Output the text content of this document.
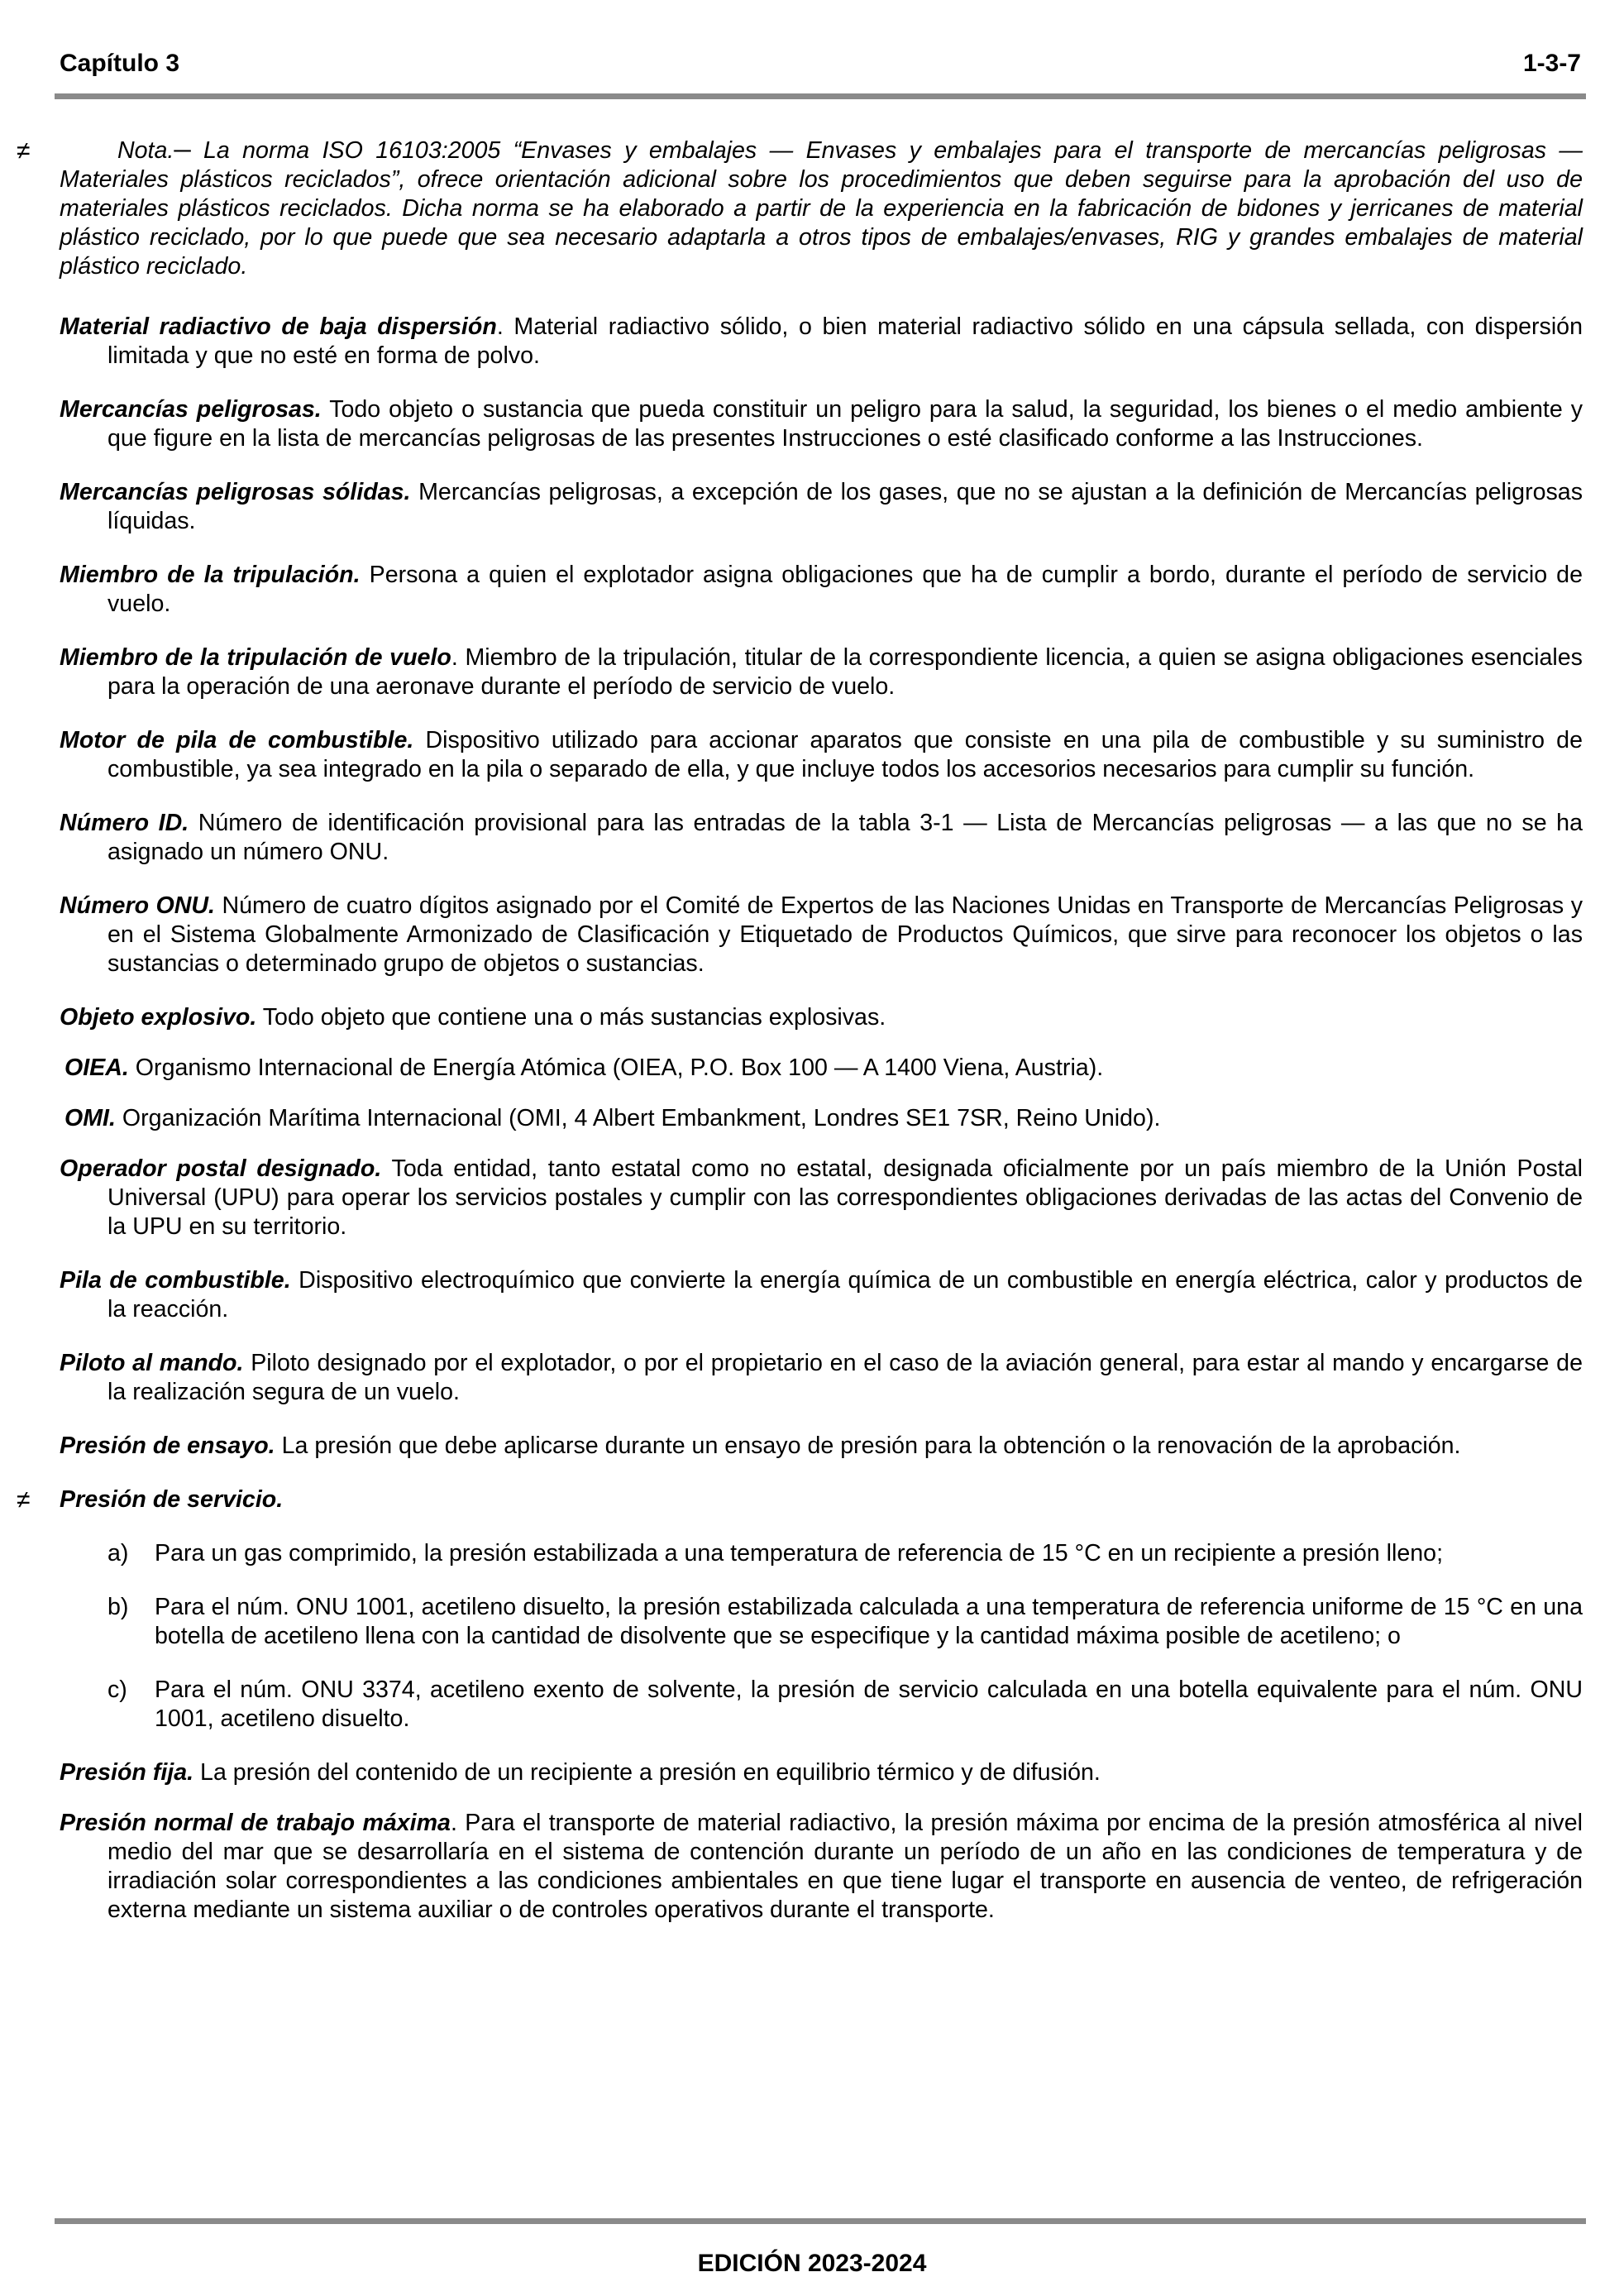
Capítulo 3	1-3-7

≠	Nota.─ La norma ISO 16103:2005 “Envases y embalajes — Envases y embalajes para el transporte de mercancías peligrosas — Materiales plásticos reciclados”, ofrece orientación adicional sobre los procedimientos que deben seguirse para la aprobación del uso de materiales plásticos reciclados. Dicha norma se ha elaborado a partir de la experiencia en la fabricación de bidones y jerricanes de material plástico reciclado, por lo que puede que sea necesario adaptarla a otros tipos de embalajes/envases, RIG y grandes embalajes de material plástico reciclado.

Material radiactivo de baja dispersión. Material radiactivo sólido, o bien material radiactivo sólido en una cápsula sellada, con dispersión limitada y que no esté en forma de polvo.

Mercancías peligrosas. Todo objeto o sustancia que pueda constituir un peligro para la salud, la seguridad, los bienes o el medio ambiente y que figure en la lista de mercancías peligrosas de las presentes Instrucciones o esté clasificado conforme a las Instrucciones.

Mercancías peligrosas sólidas. Mercancías peligrosas, a excepción de los gases, que no se ajustan a la definición de Mercancías peligrosas líquidas.

Miembro de la tripulación. Persona a quien el explotador asigna obligaciones que ha de cumplir a bordo, durante el período de servicio de vuelo.

Miembro de la tripulación de vuelo. Miembro de la tripulación, titular de la correspondiente licencia, a quien se asigna obligaciones esenciales para la operación de una aeronave durante el período de servicio de vuelo.

Motor de pila de combustible. Dispositivo utilizado para accionar aparatos que consiste en una pila de combustible y su suministro de combustible, ya sea integrado en la pila o separado de ella, y que incluye todos los accesorios necesarios para cumplir su función.

Número ID. Número de identificación provisional para las entradas de la tabla 3-1 — Lista de Mercancías peligrosas — a las que no se ha asignado un número ONU.

Número ONU. Número de cuatro dígitos asignado por el Comité de Expertos de las Naciones Unidas en Transporte de Mercancías Peligrosas y en el Sistema Globalmente Armonizado de Clasificación y Etiquetado de Productos Químicos, que sirve para reconocer los objetos o las sustancias o determinado grupo de objetos o sustancias.

Objeto explosivo. Todo objeto que contiene una o más sustancias explosivas.

OIEA. Organismo Internacional de Energía Atómica (OIEA, P.O. Box 100 — A 1400 Viena, Austria).

OMI. Organización Marítima Internacional (OMI, 4 Albert Embankment, Londres SE1 7SR, Reino Unido).

Operador postal designado. Toda entidad, tanto estatal como no estatal, designada oficialmente por un país miembro de la Unión Postal Universal (UPU) para operar los servicios postales y cumplir con las correspondientes obligaciones derivadas de las actas del Convenio de la UPU en su territorio.

Pila de combustible. Dispositivo electroquímico que convierte la energía química de un combustible en energía eléctrica, calor y productos de la reacción.

Piloto al mando. Piloto designado por el explotador, o por el propietario en el caso de la aviación general, para estar al mando y encargarse de la realización segura de un vuelo.

Presión de ensayo. La presión que debe aplicarse durante un ensayo de presión para la obtención o la renovación de la aprobación.

≠ Presión de servicio.

a) Para un gas comprimido, la presión estabilizada a una temperatura de referencia de 15 °C en un recipiente a presión lleno;

b) Para el núm. ONU 1001, acetileno disuelto, la presión estabilizada calculada a una temperatura de referencia uniforme de 15 °C en una botella de acetileno llena con la cantidad de disolvente que se especifique y la cantidad máxima posible de acetileno; o

c) Para el núm. ONU 3374, acetileno exento de solvente, la presión de servicio calculada en una botella equivalente para el núm. ONU 1001, acetileno disuelto.

Presión fija. La presión del contenido de un recipiente a presión en equilibrio térmico y de difusión.

Presión normal de trabajo máxima. Para el transporte de material radiactivo, la presión máxima por encima de la presión atmosférica al nivel medio del mar que se desarrollaría en el sistema de contención durante un período de un año en las condiciones de temperatura y de irradiación solar correspondientes a las condiciones ambientales en que tiene lugar el transporte en ausencia de venteo, de refrigeración externa mediante un sistema auxiliar o de controles operativos durante el transporte.

EDICIÓN 2023-2024
